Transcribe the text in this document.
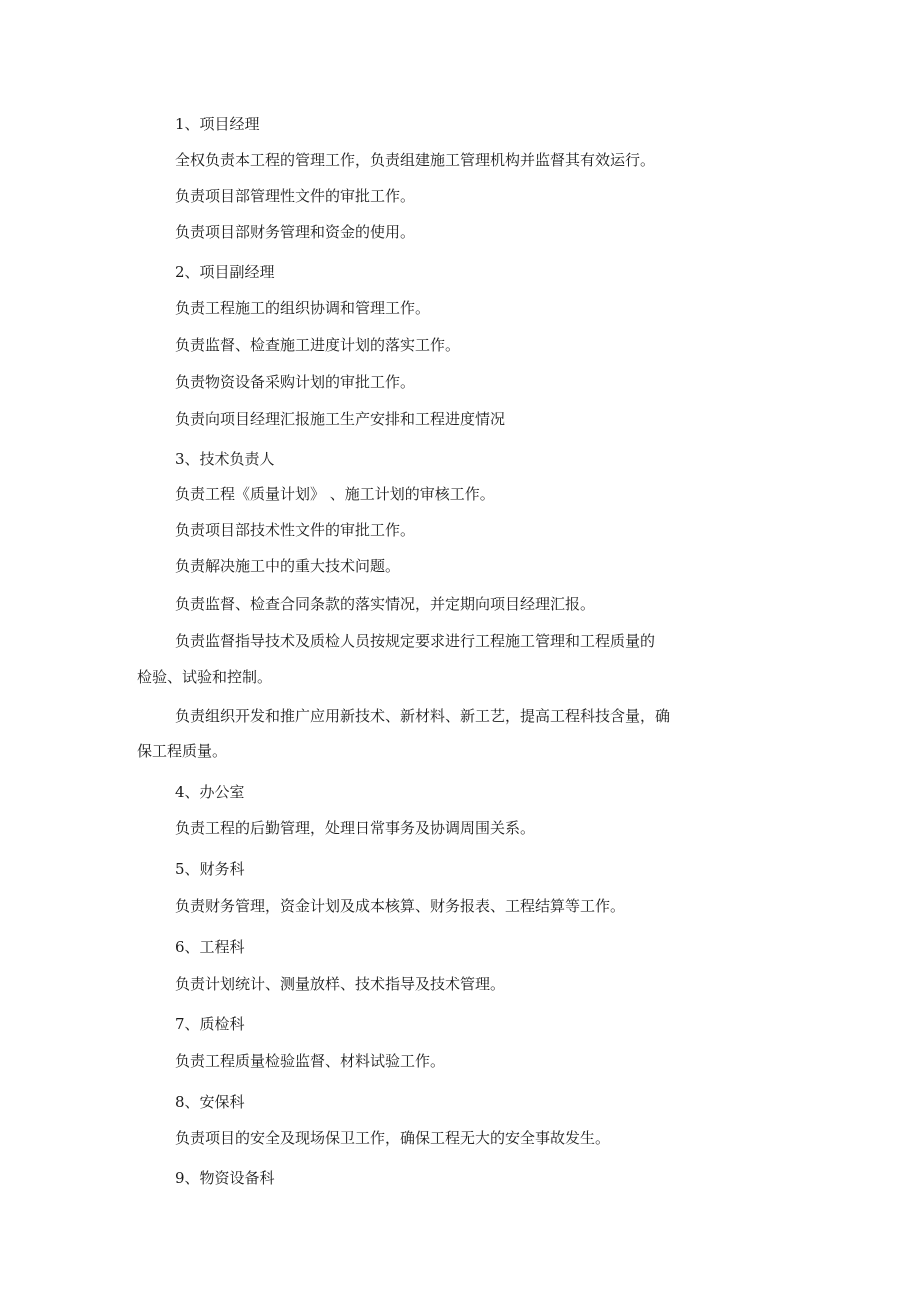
1、项目经理
全权负责本工程的管理工作，负责组建施工管理机构并监督其有效运行。
负责项目部管理性文件的审批工作。
负责项目部财务管理和资金的使用。
2、项目副经理
负责工程施工的组织协调和管理工作。
负责监督、检查施工进度计划的落实工作。
负责物资设备采购计划的审批工作。
负责向项目经理汇报施工生产安排和工程进度情况
3、技术负责人
负责工程《质量计划》 、施工计划的审核工作。
负责项目部技术性文件的审批工作。
负责解决施工中的重大技术问题。
负责监督、检查合同条款的落实情况，并定期向项目经理汇报。
负责监督指导技术及质检人员按规定要求进行工程施工管理和工程质量的
检验、试验和控制。
负责组织开发和推广应用新技术、新材料、新工艺，提高工程科技含量，确
保工程质量。
4、办公室
负责工程的后勤管理，处理日常事务及协调周围关系。
5、财务科
负责财务管理，资金计划及成本核算、财务报表、工程结算等工作。
6、工程科
负责计划统计、测量放样、技术指导及技术管理。
7、质检科
负责工程质量检验监督、材料试验工作。
8、安保科
负责项目的安全及现场保卫工作，确保工程无大的安全事故发生。
9、物资设备科
